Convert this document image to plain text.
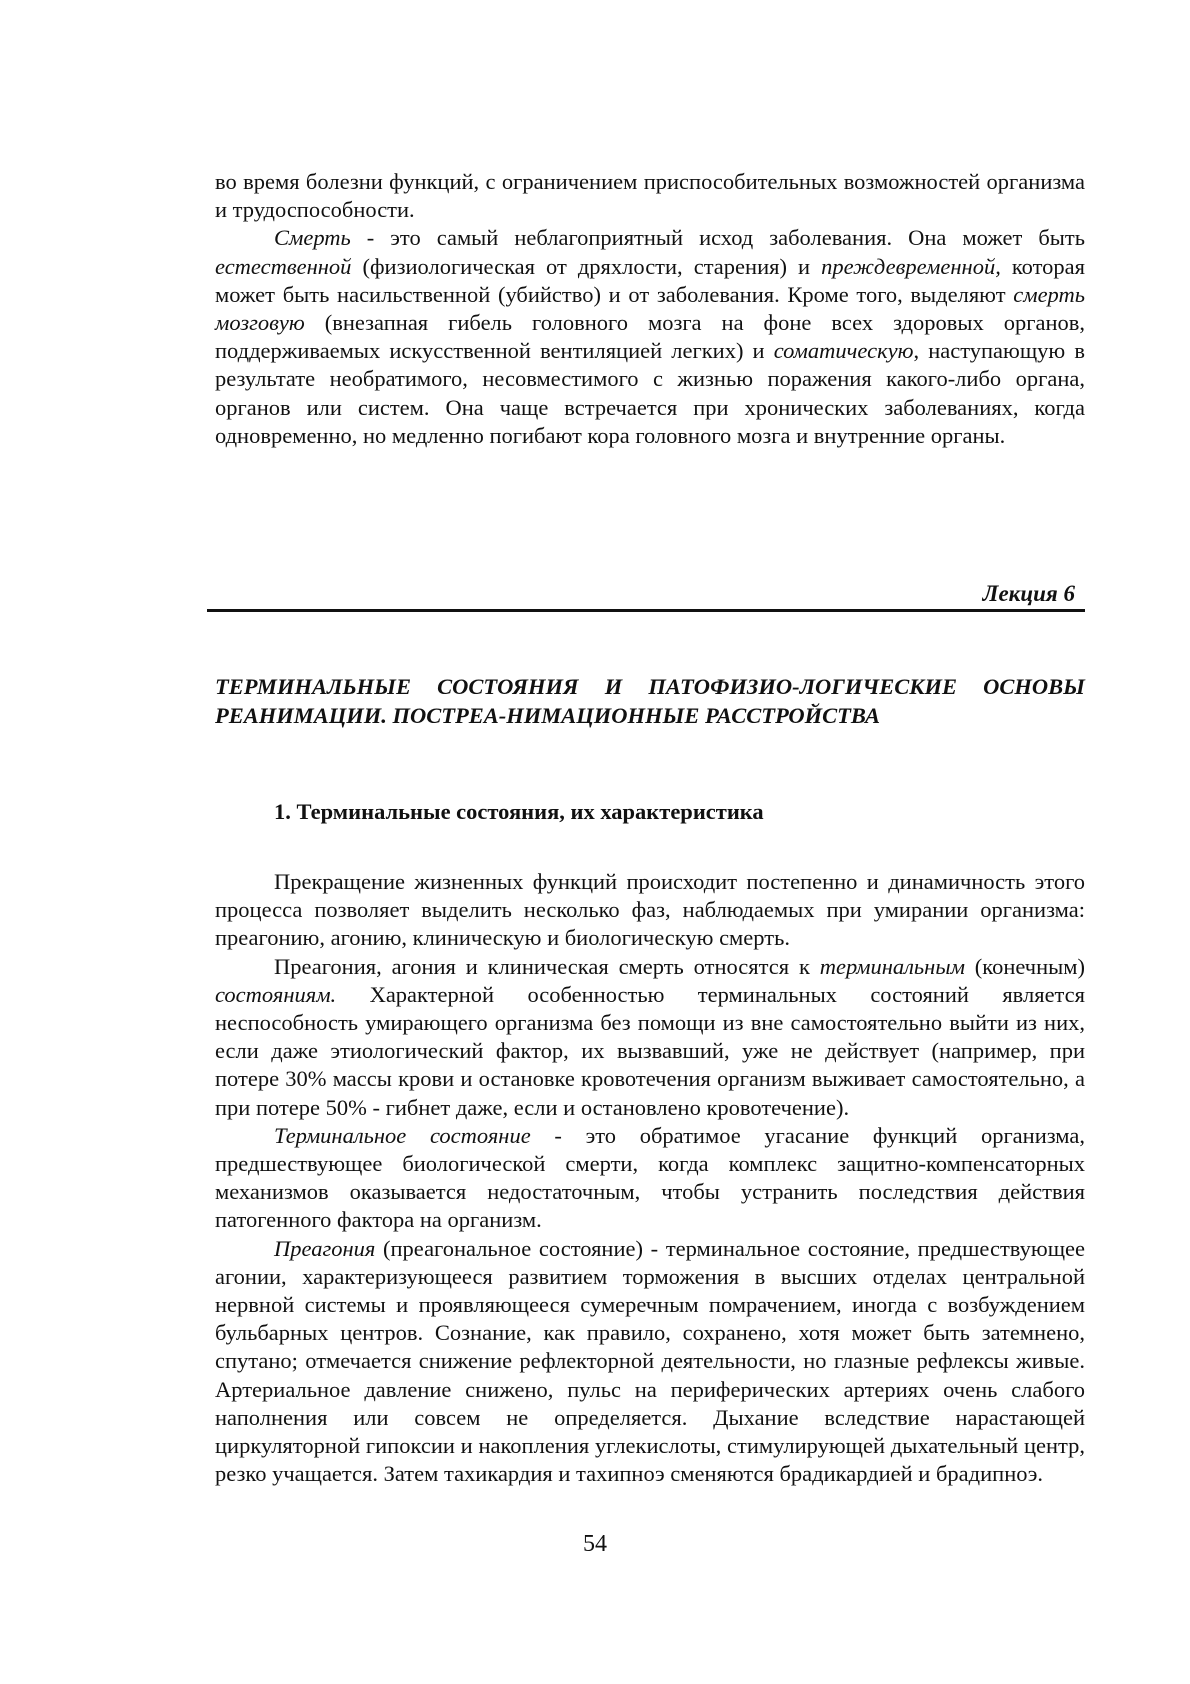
во время болезни функций, с ограничением приспособительных возможностей организма и трудоспособности.

Смерть - это самый неблагоприятный исход заболевания. Она может быть естественной (физиологическая от дряхлости, старения) и преждевременной, которая может быть насильственной (убийство) и от заболевания. Кроме того, выделяют смерть мозговую (внезапная гибель головного мозга на фоне всех здоровых органов, поддерживаемых искусственной вентиляцией легких) и соматическую, наступающую в результате необратимого, несовместимого с жизнью поражения какого-либо органа, органов или систем. Она чаще встречается при хронических заболеваниях, когда одновременно, но медленно погибают кора головного мозга и внутренние органы.

Лекция 6

ТЕРМИНАЛЬНЫЕ СОСТОЯНИЯ И ПАТОФИЗИО-ЛОГИЧЕСКИЕ ОСНОВЫ РЕАНИМАЦИИ. ПОСТРЕА-НИМАЦИОННЫЕ РАССТРОЙСТВА

1. Терминальные состояния, их характеристика

Прекращение жизненных функций происходит постепенно и динамичность этого процесса позволяет выделить несколько фаз, наблюдаемых при умирании организма: преагонию, агонию, клиническую и биологическую смерть.

Преагония, агония и клиническая смерть относятся к терминальным (конечным) состояниям. Характерной особенностью терминальных состояний является неспособность умирающего организма без помощи из вне самостоятельно выйти из них, если даже этиологический фактор, их вызвавший, уже не действует (например, при потере 30% массы крови и остановке кровотечения организм выживает самостоятельно, а при потере 50% - гибнет даже, если и остановлено кровотечение).

Терминальное состояние - это обратимое угасание функций организма, предшествующее биологической смерти, когда комплекс защитно-компенсаторных механизмов оказывается недостаточным, чтобы устранить последствия действия патогенного фактора на организм.

Преагония (преагональное состояние) - терминальное состояние, предшествующее агонии, характеризующееся развитием торможения в высших отделах центральной нервной системы и проявляющееся сумеречным помрачением, иногда с возбуждением бульбарных центров. Сознание, как правило, сохранено, хотя может быть затемнено, спутано; отмечается снижение рефлекторной деятельности, но глазные рефлексы живые. Артериальное давление снижено, пульс на периферических артериях очень слабого наполнения или совсем не определяется. Дыхание вследствие нарастающей циркуляторной гипоксии и накопления углекислоты, стимулирующей дыхательный центр, резко учащается. Затем тахикардия и тахипноэ сменяются брадикардией и брадипноэ.

54
